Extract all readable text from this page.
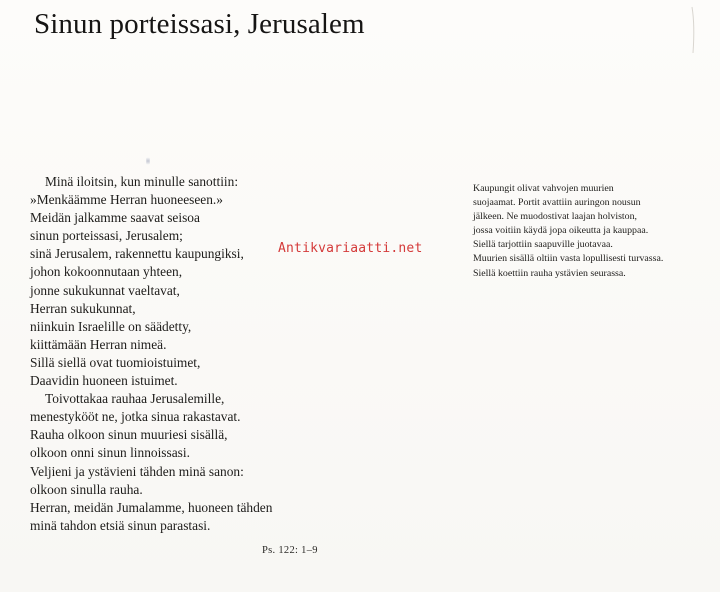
Sinun porteissasi, Jerusalem
Minä iloitsin, kun minulle sanottiin:
»Menkäämme Herran huoneeseen.»
Meidän jalkamme saavat seisoa
sinun porteissasi, Jerusalem;
sinä Jerusalem, rakennettu kaupungiksi,
johon kokoonnutaan yhteen,
jonne sukukunnat vaeltavat,
Herran sukukunnat,
niinkuin Israelille on säädetty,
kiittämään Herran nimeä.
Sillä siellä ovat tuomioistuimet,
Daavidin huoneen istuimet.
Toivottakaa rauhaa Jerusalemille,
menestykööt ne, jotka sinua rakastavat.
Rauha olkoon sinun muuriesi sisällä,
olkoon onni sinun linnoissasi.
Veljieni ja ystävieni tähden minä sanon:
olkoon sinulla rauha.
Herran, meidän Jumalamme, huoneen tähden
minä tahdon etsiä sinun parastasi.
Ps. 122: 1–9
Kaupungit olivat vahvojen muurien
suojaamat. Portit avattiin auringon nousun
jälkeen. Ne muodostivat laajan holviston,
jossa voitiin käydä jopa oikeutta ja kauppaa.
Siellä tarjottiin saapuville juotavaa.
Muurien sisällä oltiin vasta lopullisesti turvassa.
Siellä koettiin rauha ystävien seurassa.
Antikvariaatti.net
